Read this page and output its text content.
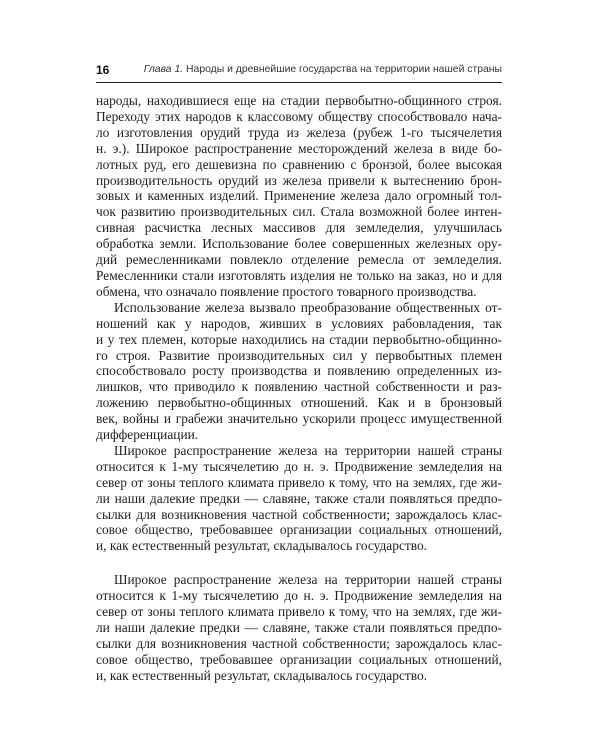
16	Глава 1. Народы и древнейшие государства на территории нашей страны

народы, находившиеся еще на стадии первобытно-общинного строя.
Переходу этих народов к классовому обществу способствовало нача-
ло изготовления орудий труда из железа (рубеж 1-го тысячелетия
н. э.). Широкое распространение месторождений железа в виде бо-
лотных руд, его дешевизна по сравнению с бронзой, более высокая
производительность орудий из железа привели к вытеснению брон-
зовых и каменных изделий. Применение железа дало огромный тол-
чок развитию производительных сил. Стала возможной более интен-
сивная расчистка лесных массивов для земледелия, улучшилась
обработка земли. Использование более совершенных железных ору-
дий ремесленниками повлекло отделение ремесла от земледелия.
Ремесленники стали изготовлять изделия не только на заказ, но и для
обмена, что означало появление простого товарного производства.

Использование железа вызвало преобразование общественных от-
ношений как у народов, живших в условиях рабовладения, так
и у тех племен, которые находились на стадии первобытно-общинно-
го строя. Развитие производительных сил у первобытных племен
способствовало росту производства и появлению определенных из-
лишков, что приводило к появлению частной собственности и раз-
ложению первобытно-общинных отношений. Как и в бронзовый
век, войны и грабежи значительно ускорили процесс имущественной
дифференциации.

Широкое распространение железа на территории нашей страны
относится к 1-му тысячелетию до н. э. Продвижение земледелия на
север от зоны теплого климата привело к тому, что на землях, где жи-
ли наши далекие предки — славяне, также стали появляться предпо-
сылки для возникновения частной собственности; зарождалось клас-
совое общество, требовавшее организации социальных отношений,
и, как естественный результат, складывалось государство.

Широкое распространение железа на территории нашей страны
относится к 1-му тысячелетию до н. э. Продвижение земледелия на
север от зоны теплого климата привело к тому, что на землях, где жи-
ли наши далекие предки — славяне, также стали появляться предпо-
сылки для возникновения частной собственности; зарождалось клас-
совое общество, требовавшее организации социальных отношений,
и, как естественный результат, складывалось государство.
